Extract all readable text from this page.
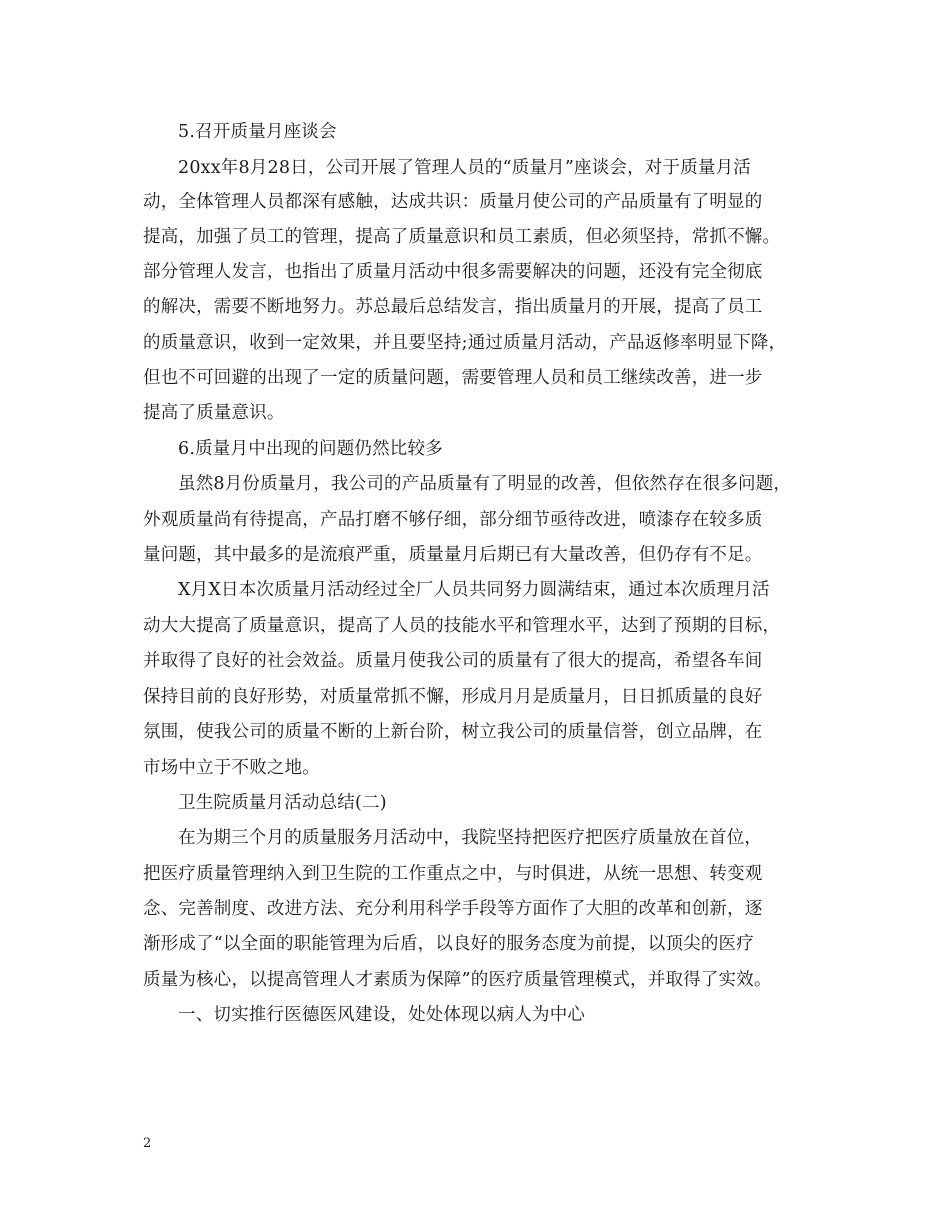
5.召开质量月座谈会
20xx年8月28日，公司开展了管理人员的“质量月”座谈会，对于质量月活
动，全体管理人员都深有感触，达成共识：质量月使公司的产品质量有了明显的
提高，加强了员工的管理，提高了质量意识和员工素质，但必须坚持，常抓不懈。
部分管理人发言，也指出了质量月活动中很多需要解决的问题，还没有完全彻底
的解决，需要不断地努力。苏总最后总结发言，指出质量月的开展，提高了员工
的质量意识，收到一定效果，并且要坚持;通过质量月活动，产品返修率明显下降，
但也不可回避的出现了一定的质量问题，需要管理人员和员工继续改善，进一步
提高了质量意识。
6.质量月中出现的问题仍然比较多
虽然8月份质量月，我公司的产品质量有了明显的改善，但依然存在很多问题，
外观质量尚有待提高，产品打磨不够仔细，部分细节亟待改进，喷漆存在较多质
量问题，其中最多的是流痕严重，质量量月后期已有大量改善，但仍存有不足。
X月X日本次质量月活动经过全厂人员共同努力圆满结束，通过本次质理月活
动大大提高了质量意识，提高了人员的技能水平和管理水平，达到了预期的目标，
并取得了良好的社会效益。质量月使我公司的质量有了很大的提高，希望各车间
保持目前的良好形势，对质量常抓不懈，形成月月是质量月，日日抓质量的良好
氛围，使我公司的质量不断的上新台阶，树立我公司的质量信誉，创立品牌，在
市场中立于不败之地。
卫生院质量月活动总结(二)
在为期三个月的质量服务月活动中，我院坚持把医疗把医疗质量放在首位，
把医疗质量管理纳入到卫生院的工作重点之中，与时俱进，从统一思想、转变观
念、完善制度、改进方法、充分利用科学手段等方面作了大胆的改革和创新，逐
渐形成了“以全面的职能管理为后盾，以良好的服务态度为前提，以顶尖的医疗
质量为核心，以提高管理人才素质为保障”的医疗质量管理模式，并取得了实效。
一、切实推行医德医风建设，处处体现以病人为中心
2
